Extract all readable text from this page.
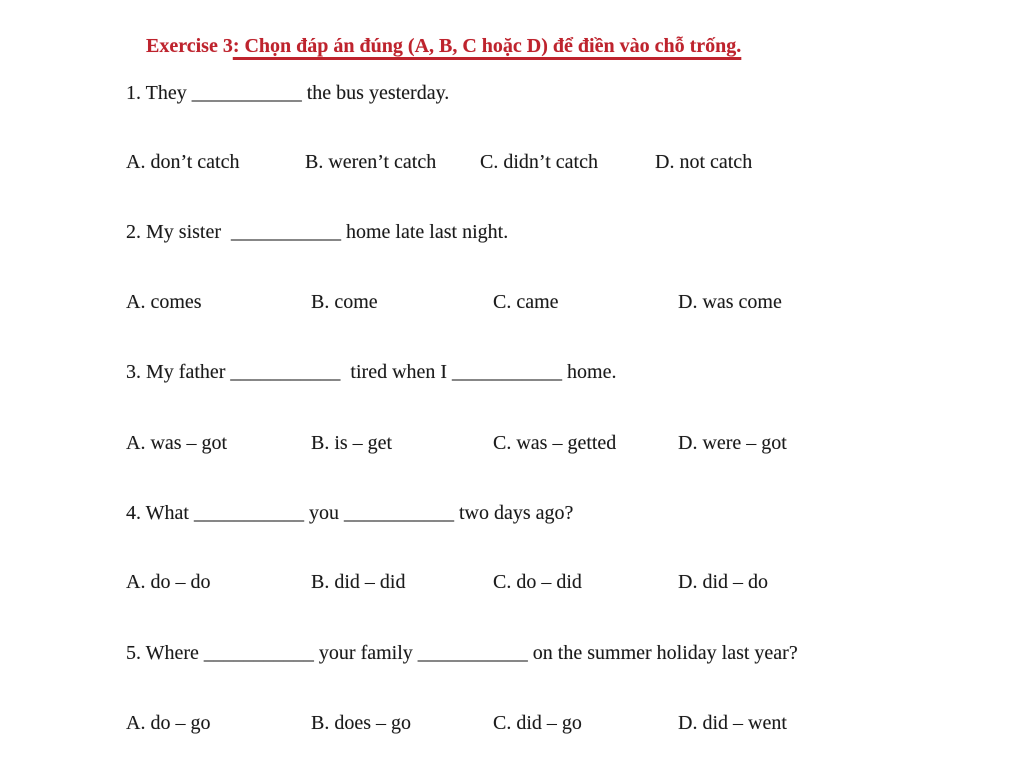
Exercise 3: Chọn đáp án đúng (A, B, C hoặc D) để điền vào chỗ trống.

1. They ___________ the bus yesterday.

A. don’t catch

	B. weren’t catch

C. didn’t catch

	D. not catch

2. My sister  ___________ home late last night.

A. comes

	B. come

	C. came

	D. was come

3. My father ___________  tired when I ___________ home.

A. was – got

	B. is – get

	C. was – getted

	D. were – got

4. What ___________ you ___________ two days ago?

A. do – do

	B. did – did

	C. do – did

	D. did – do

5. Where ___________ your family ___________ on the summer holiday last year?

A. do – go

	B. does – go

	C. did – go

	D. did – went
